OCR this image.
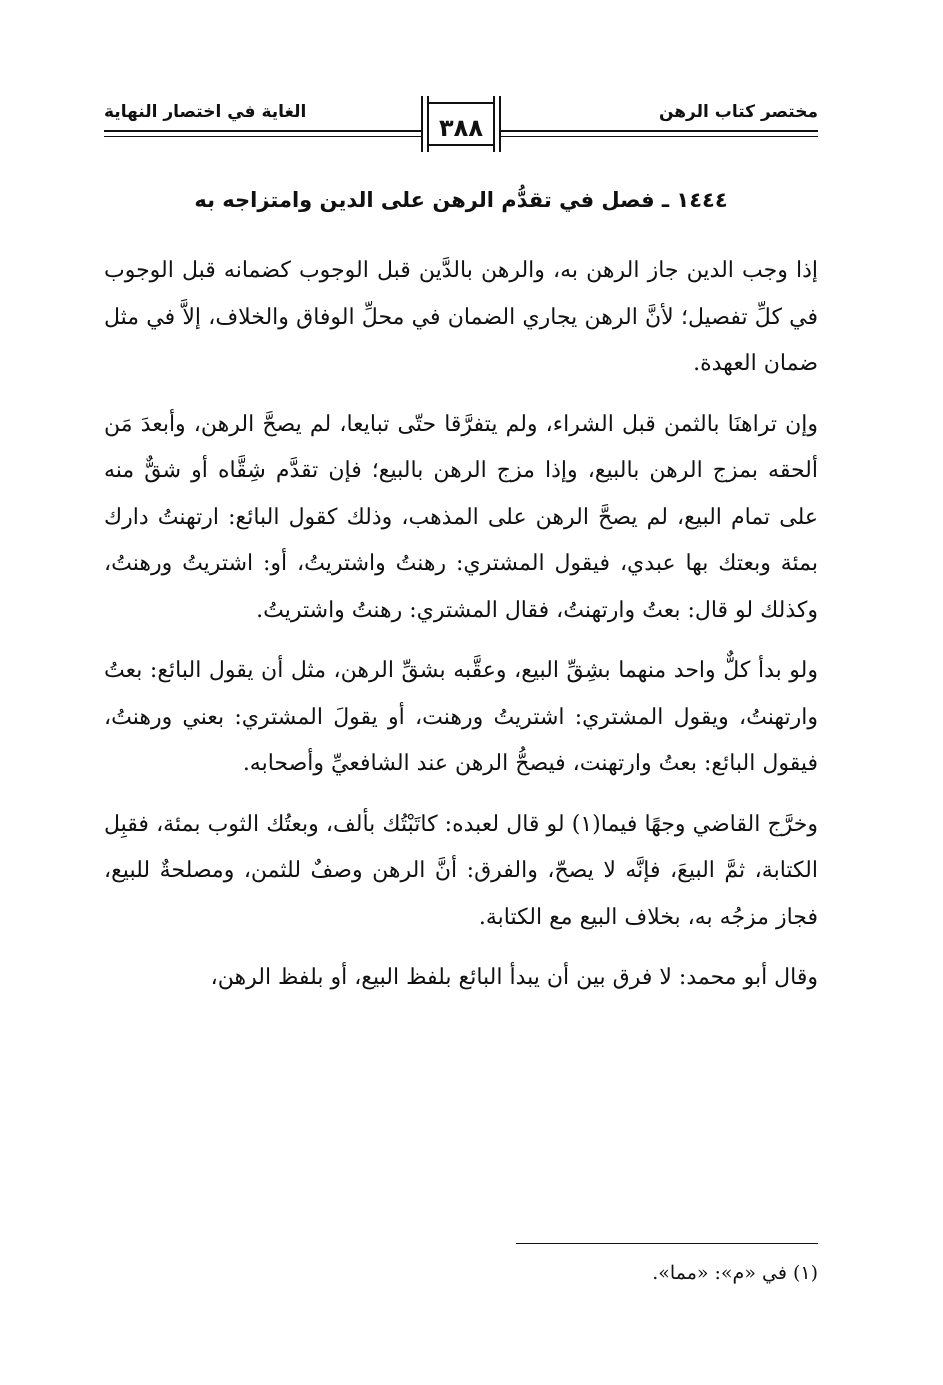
مختصر كتاب الرهن
الغاية في اختصار النهاية
٣٨٨
١٤٤٤ ـ فصل في تقدُّم الرهن على الدين وامتزاجه به

إذا وجب الدين جاز الرهن به، والرهن بالدَّين قبل الوجوب كضمانه قبل الوجوب في كلِّ تفصيل؛ لأنَّ الرهن يجاري الضمان في محلِّ الوفاق والخلاف، إلاَّ في مثل ضمان العهدة.

وإن تراهنَا بالثمن قبل الشراء، ولم يتفرَّقا حتّى تبايعا، لم يصحَّ الرهن، وأبعدَ مَن ألحقه بمزج الرهن بالبيع، وإذا مزج الرهن بالبيع؛ فإن تقدَّم شِقَّاه أو شقٌّ منه على تمام البيع، لم يصحَّ الرهن على المذهب، وذلك كقول البائع: ارتهنتُ دارك بمئة وبعتك بها عبدي، فيقول المشتري: رهنتُ واشتريتُ، أو: اشتريتُ ورهنتُ، وكذلك لو قال: بعتُ وارتهنتُ، فقال المشتري: رهنتُ واشتريتُ.

ولو بدأ كلٌّ واحد منهما بشِقِّ البيع، وعقَّبه بشقِّ الرهن، مثل أن يقول البائع: بعتُ وارتهنتُ، ويقول المشتري: اشتريتُ ورهنت، أو يقولَ المشتري: بعني ورهنتُ، فيقول البائع: بعتُ وارتهنت، فيصحُّ الرهن عند الشافعيِّ وأصحابه.

وخرَّج القاضي وجهًا فيما(١) لو قال لعبده: كاتَبْتُك بألف، وبعتُك الثوب بمئة، فقبِل الكتابة، ثمَّ البيعَ، فإنَّه لا يصحّ، والفرق: أنَّ الرهن وصفٌ للثمن، ومصلحةٌ للبيع، فجاز مزجُه به، بخلاف البيع مع الكتابة.

وقال أبو محمد: لا فرق بين أن يبدأ البائع بلفظ البيع، أو بلفظ الرهن،

(١) في «م»: «مما».
